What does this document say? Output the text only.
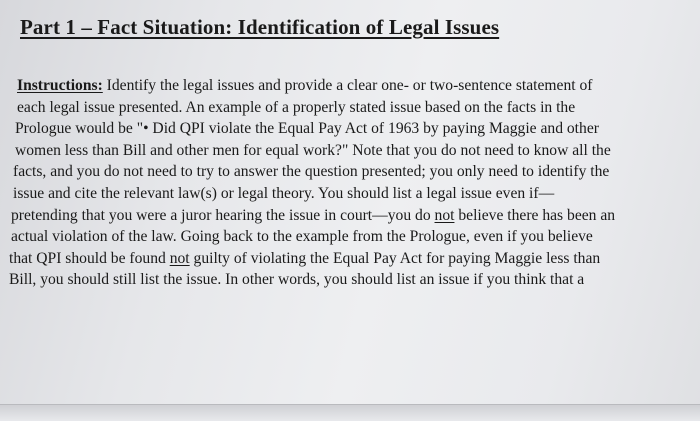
Part 1 – Fact Situation: Identification of Legal Issues
Instructions: Identify the legal issues and provide a clear one- or two-sentence statement of
each legal issue presented. An example of a properly stated issue based on the facts in the
Prologue would be "• Did QPI violate the Equal Pay Act of 1963 by paying Maggie and other
women less than Bill and other men for equal work?" Note that you do not need to know all the
facts, and you do not need to try to answer the question presented; you only need to identify the
issue and cite the relevant law(s) or legal theory. You should list a legal issue even if—
pretending that you were a juror hearing the issue in court—you do not believe there has been an
actual violation of the law. Going back to the example from the Prologue, even if you believe
that QPI should be found not guilty of violating the Equal Pay Act for paying Maggie less than
Bill, you should still list the issue. In other words, you should list an issue if you think that a
